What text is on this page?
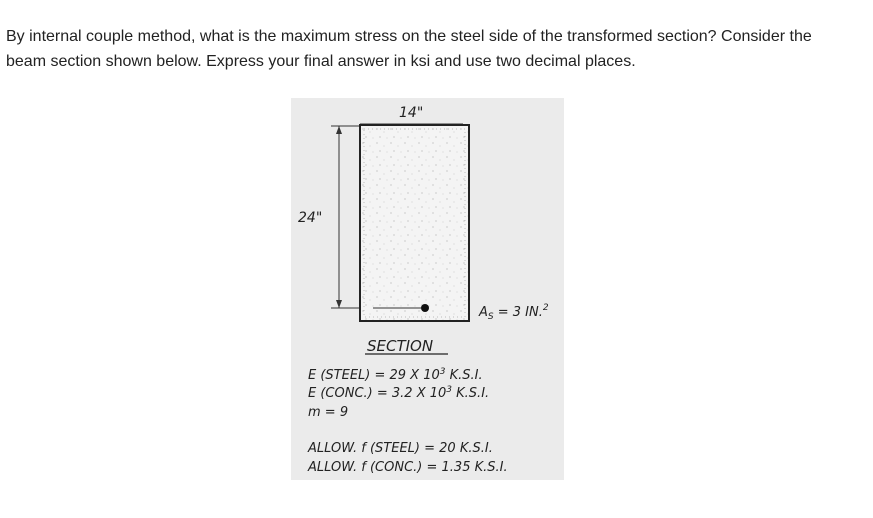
By internal couple method, what is the maximum stress on the steel side of the transformed section? Consider the
beam section shown below. Express your final answer in ksi and use two decimal places.
14"
24"
$A_S = 3$ IN.$^2$
SECTION
E (STEEL) = 29 X $10^3$ K.S.I.
E (CONC.) = 3.2 X $10^3$ K.S.I.
m = 9
ALLOW. f (STEEL) = 20 K.S.I.
ALLOW. f (CONC.) = 1.35 K.S.I.
